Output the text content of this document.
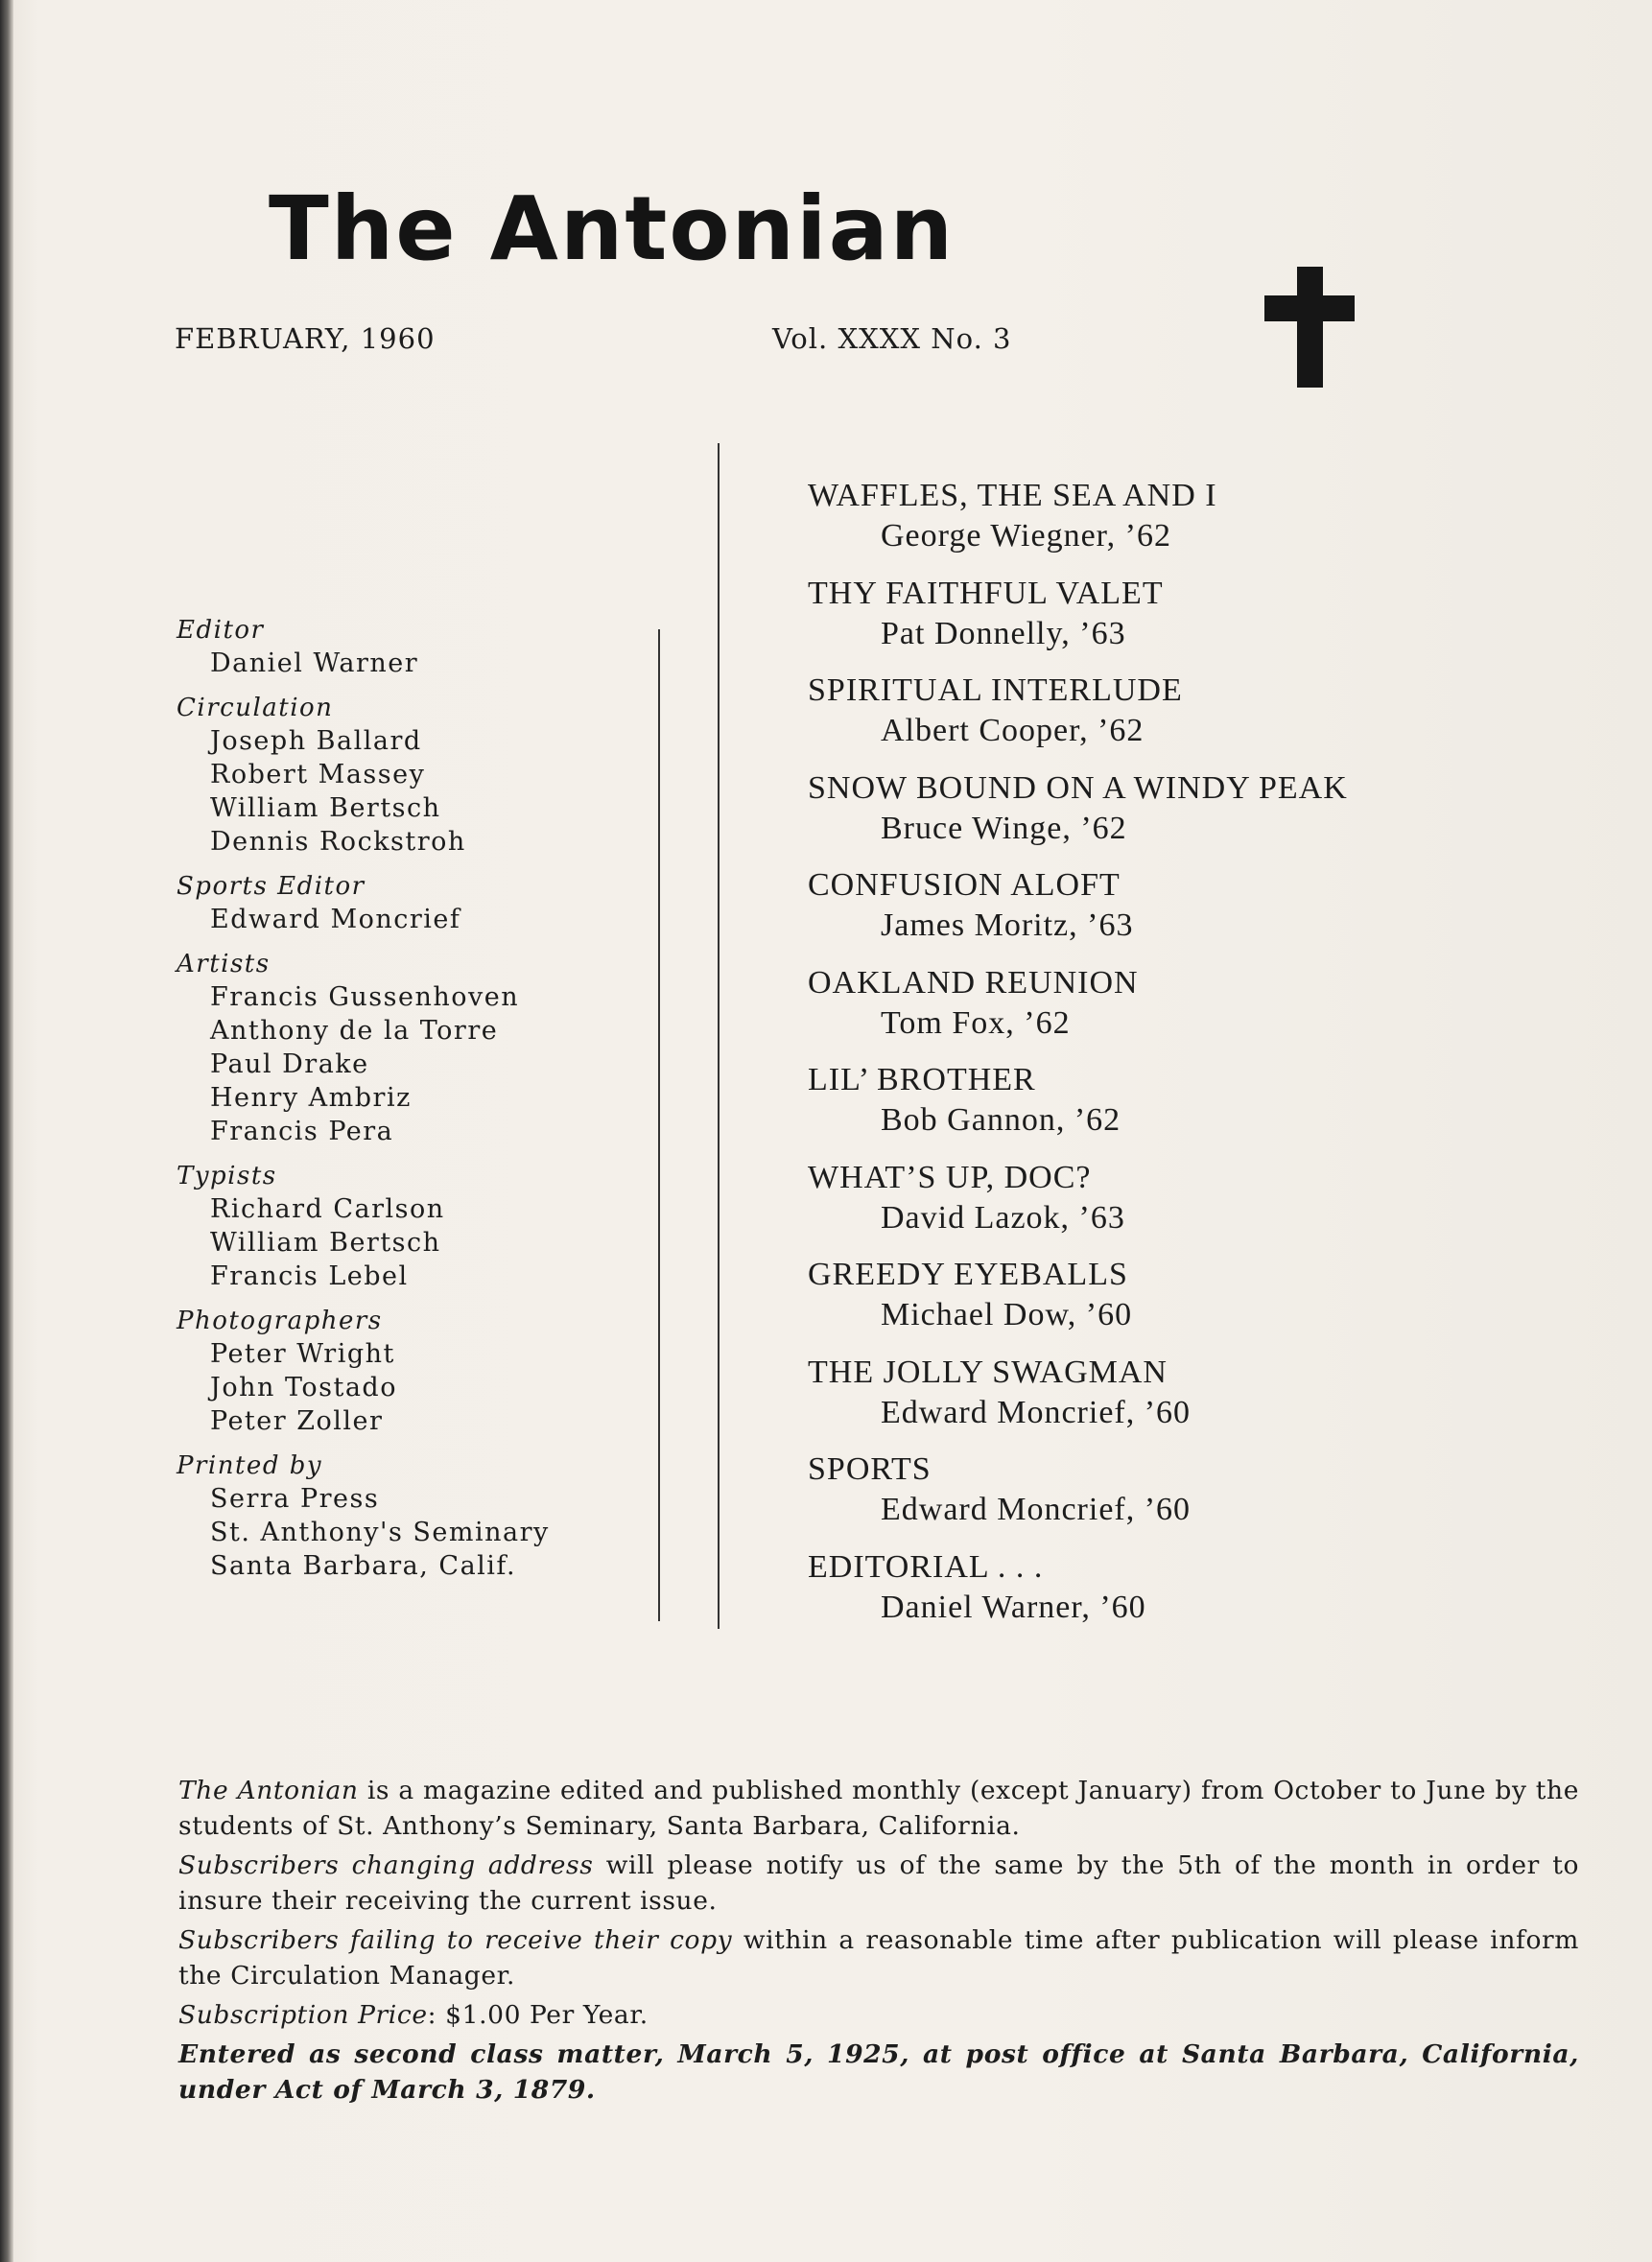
The Antonian
FEBRUARY, 1960	Vol. XXXX No. 3
Editor
Daniel Warner
Circulation
Joseph Ballard
Robert Massey
William Bertsch
Dennis Rockstroh
Sports Editor
Edward Moncrief
Artists
Francis Gussenhoven
Anthony de la Torre
Paul Drake
Henry Ambriz
Francis Pera
Typists
Richard Carlson
William Bertsch
Francis Lebel
Photographers
Peter Wright
John Tostado
Peter Zoller
Printed by
Serra Press
St. Anthony's Seminary
Santa Barbara, Calif.
WAFFLES, THE SEA AND I
George Wiegner, ’62
THY FAITHFUL VALET
Pat Donnelly, ’63
SPIRITUAL INTERLUDE
Albert Cooper, ’62
SNOW BOUND ON A WINDY PEAK
Bruce Winge, ’62
CONFUSION ALOFT
James Moritz, ’63
OAKLAND REUNION
Tom Fox, ’62
LIL’ BROTHER
Bob Gannon, ’62
WHAT’S UP, DOC?
David Lazok, ’63
GREEDY EYEBALLS
Michael Dow, ’60
THE JOLLY SWAGMAN
Edward Moncrief, ’60
SPORTS
Edward Moncrief, ’60
EDITORIAL . . .
Daniel Warner, ’60
The Antonian is a magazine edited and published monthly (except January) from October to June by the students of St. Anthony’s Seminary, Santa Barbara, California.
Subscribers changing address will please notify us of the same by the 5th of the month in order to insure their receiving the current issue.
Subscribers failing to receive their copy within a reasonable time after publication will please inform the Circulation Manager.
Subscription Price: $1.00 Per Year.
Entered as second class matter, March 5, 1925, at post office at Santa Barbara, California, under Act of March 3, 1879.
